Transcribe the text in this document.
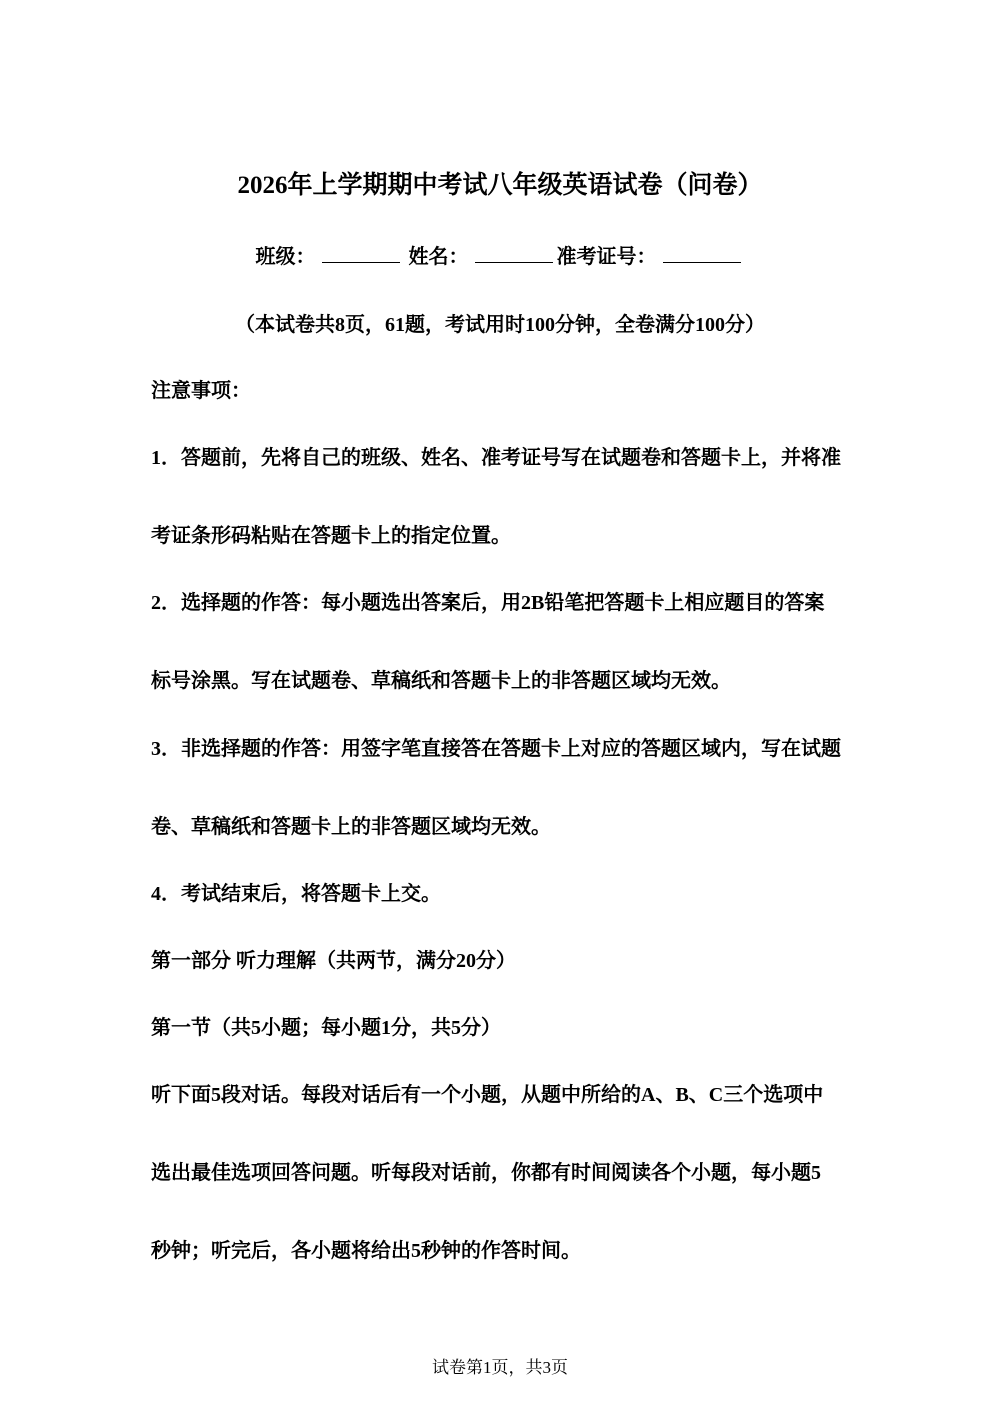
2026年上学期期中考试八年级英语试卷（问卷）
班级：	姓名：	准考证号：
（本试卷共8页，61题，考试用时100分钟，全卷满分100分）
注意事项：
1．答题前，先将自己的班级、姓名、准考证号写在试题卷和答题卡上，并将准
考证条形码粘贴在答题卡上的指定位置。
2．选择题的作答：每小题选出答案后，用2B铅笔把答题卡上相应题目的答案
标号涂黑。写在试题卷、草稿纸和答题卡上的非答题区域均无效。
3．非选择题的作答：用签字笔直接答在答题卡上对应的答题区域内，写在试题
卷、草稿纸和答题卡上的非答题区域均无效。
4．考试结束后，将答题卡上交。
第一部分 听力理解（共两节，满分20分）
第一节（共5小题；每小题1分，共5分）
听下面5段对话。每段对话后有一个小题，从题中所给的A、B、C三个选项中
选出最佳选项回答问题。听每段对话前，你都有时间阅读各个小题，每小题5
秒钟；听完后，各小题将给出5秒钟的作答时间。
试卷第1页，共3页
